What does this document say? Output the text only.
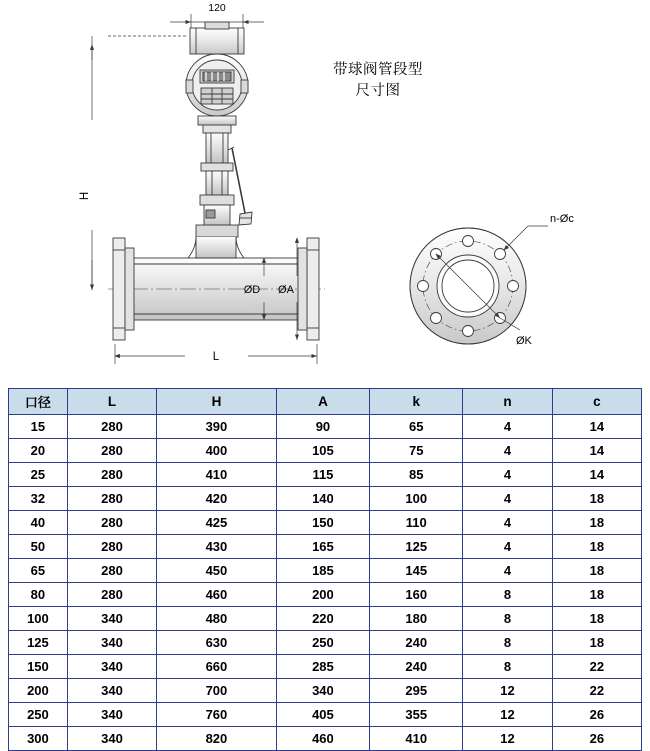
120
H
L
ØD ØA
n-Øc
ØK
带球阀管段型
尺寸图
口径	L	H	A	k	n	c
15	280	390	90	65	4	14
20	280	400	105	75	4	14
25	280	410	115	85	4	14
32	280	420	140	100	4	18
40	280	425	150	110	4	18
50	280	430	165	125	4	18
65	280	450	185	145	4	18
80	280	460	200	160	8	18
100	340	480	220	180	8	18
125	340	630	250	240	8	18
150	340	660	285	240	8	22
200	340	700	340	295	12	22
250	340	760	405	355	12	26
300	340	820	460	410	12	26
